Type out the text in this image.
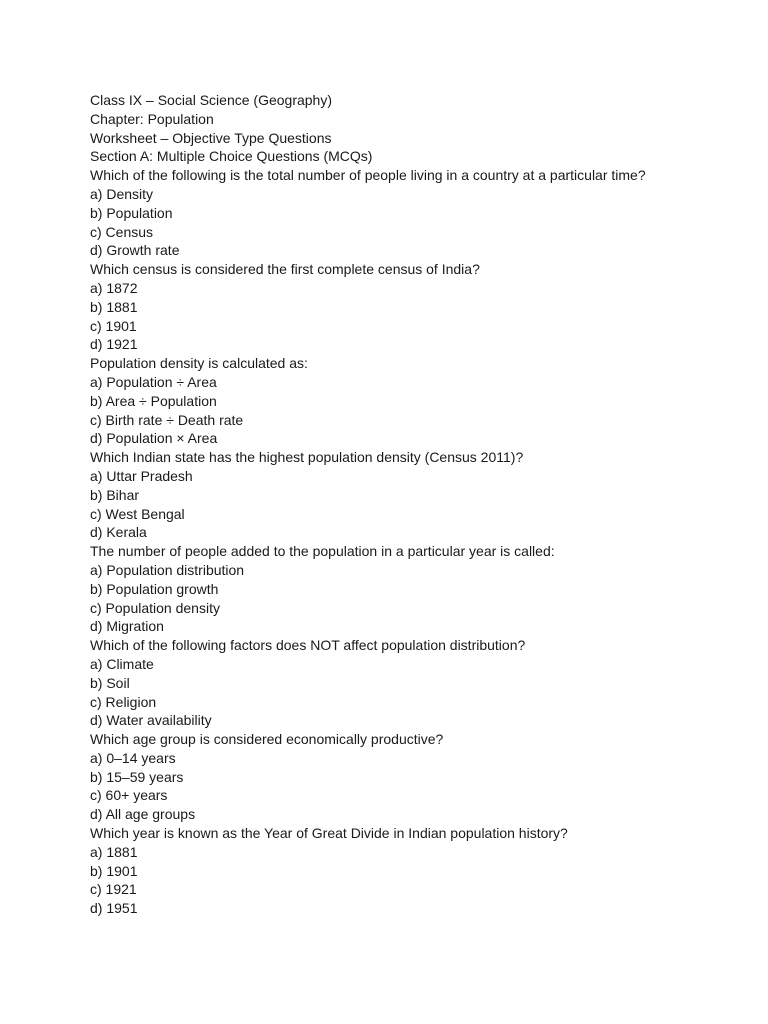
Class IX – Social Science (Geography)
Chapter: Population
Worksheet – Objective Type Questions
Section A: Multiple Choice Questions (MCQs)
Which of the following is the total number of people living in a country at a particular time?
a) Density
b) Population
c) Census
d) Growth rate
Which census is considered the first complete census of India?
a) 1872
b) 1881
c) 1901
d) 1921
Population density is calculated as:
a) Population ÷ Area
b) Area ÷ Population
c) Birth rate ÷ Death rate
d) Population × Area
Which Indian state has the highest population density (Census 2011)?
a) Uttar Pradesh
b) Bihar
c) West Bengal
d) Kerala
The number of people added to the population in a particular year is called:
a) Population distribution
b) Population growth
c) Population density
d) Migration
Which of the following factors does NOT affect population distribution?
a) Climate
b) Soil
c) Religion
d) Water availability
Which age group is considered economically productive?
a) 0–14 years
b) 15–59 years
c) 60+ years
d) All age groups
Which year is known as the Year of Great Divide in Indian population history?
a) 1881
b) 1901
c) 1921
d) 1951
